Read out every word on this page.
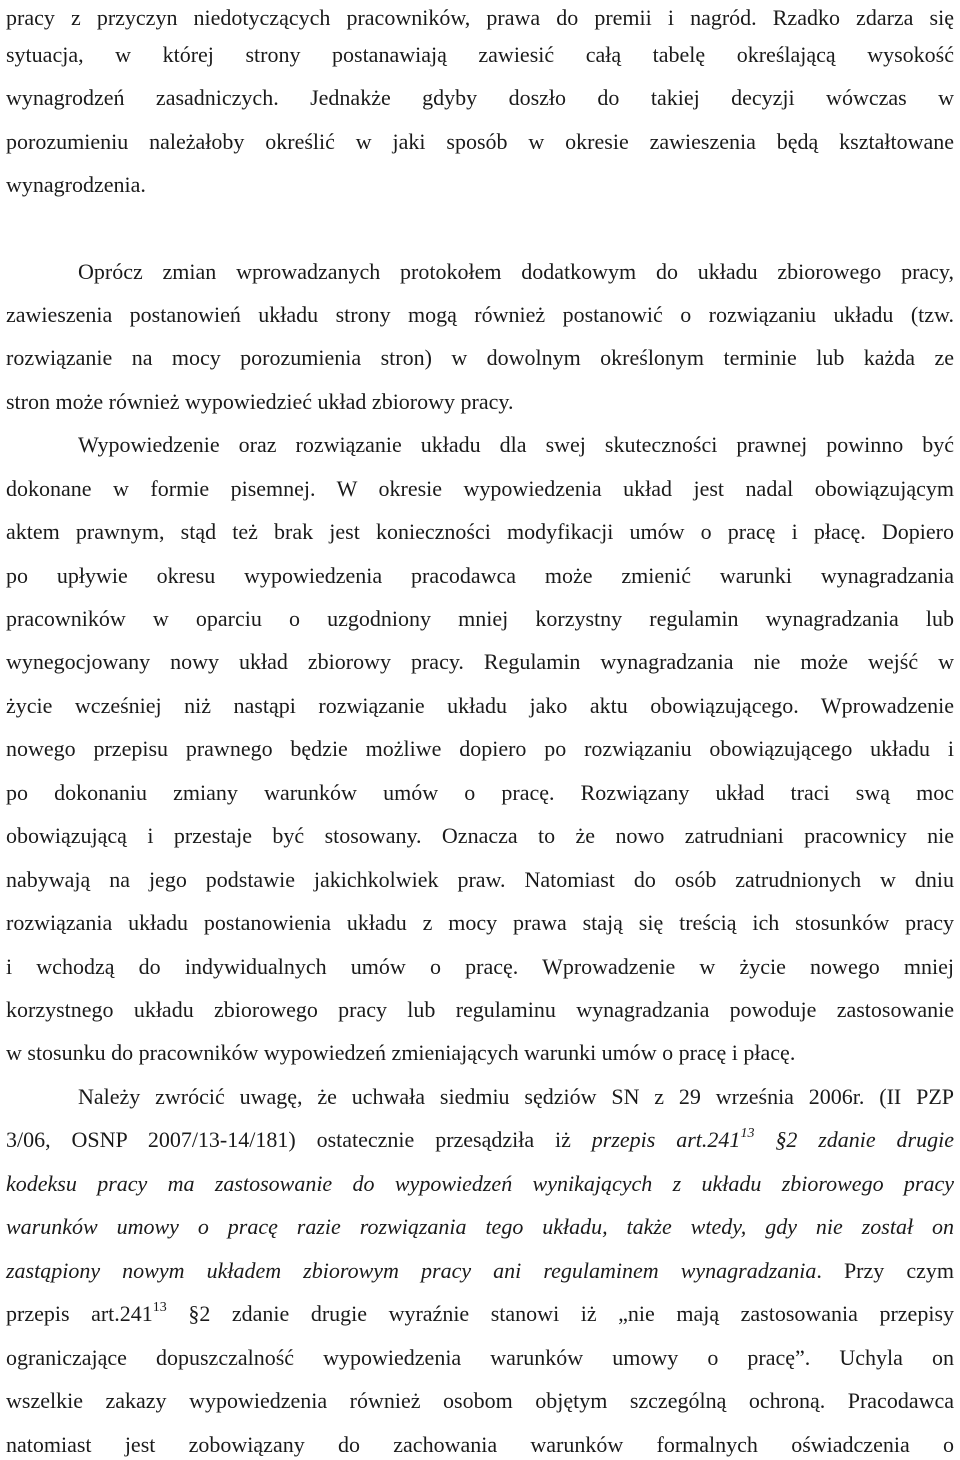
pracy z przyczyn niedotyczących pracowników, prawa do premii i nagród. Rzadko zdarza się
sytuacja, w której strony postanawiają zawiesić całą tabelę określającą wysokość
wynagrodzeń zasadniczych. Jednakże gdyby doszło do takiej decyzji wówczas w
porozumieniu należałoby określić w jaki sposób w okresie zawieszenia będą kształtowane
wynagrodzenia.
Oprócz zmian wprowadzanych protokołem dodatkowym do układu zbiorowego pracy,
zawieszenia postanowień układu strony mogą również postanowić o rozwiązaniu układu (tzw.
rozwiązanie na mocy porozumienia stron) w dowolnym określonym terminie lub każda ze
stron może również wypowiedzieć układ zbiorowy pracy.
Wypowiedzenie oraz rozwiązanie układu dla swej skuteczności prawnej powinno być
dokonane w formie pisemnej. W okresie wypowiedzenia układ jest nadal obowiązującym
aktem prawnym, stąd też brak jest konieczności modyfikacji umów o pracę i płacę. Dopiero
po upływie okresu wypowiedzenia pracodawca może zmienić warunki wynagradzania
pracowników w oparciu o uzgodniony mniej korzystny regulamin wynagradzania lub
wynegocjowany nowy układ zbiorowy pracy. Regulamin wynagradzania nie może wejść w
życie wcześniej niż nastąpi rozwiązanie układu jako aktu obowiązującego. Wprowadzenie
nowego przepisu prawnego będzie możliwe dopiero po rozwiązaniu obowiązującego układu i
po dokonaniu zmiany warunków umów o pracę. Rozwiązany układ traci swą moc
obowiązującą i przestaje być stosowany. Oznacza to że nowo zatrudniani pracownicy nie
nabywają na jego podstawie jakichkolwiek praw. Natomiast do osób zatrudnionych w dniu
rozwiązania układu postanowienia układu z mocy prawa stają się treścią ich stosunków pracy
i wchodzą do indywidualnych umów o pracę. Wprowadzenie w życie nowego mniej
korzystnego układu zbiorowego pracy lub regulaminu wynagradzania powoduje zastosowanie
w stosunku do pracowników wypowiedzeń zmieniających warunki umów o pracę i płacę.
Należy zwrócić uwagę, że uchwała siedmiu sędziów SN z 29 września 2006r. (II PZP
3/06, OSNP 2007/13-14/181) ostatecznie przesądziła iż przepis art.241$^{13}$ §2 zdanie drugie
kodeksu pracy ma zastosowanie do wypowiedzeń wynikających z układu zbiorowego pracy
warunków umowy o pracę razie rozwiązania tego układu, także wtedy, gdy nie został on
zastąpiony nowym układem zbiorowym pracy ani regulaminem wynagradzania. Przy czym
przepis art.241$^{13}$ §2 zdanie drugie wyraźnie stanowi iż „nie mają zastosowania przepisy
ograniczające dopuszczalność wypowiedzenia warunków umowy o pracę”. Uchyla on
wszelkie zakazy wypowiedzenia również osobom objętym szczególną ochroną. Pracodawca
natomiast jest zobowiązany do zachowania warunków formalnych oświadczenia o
